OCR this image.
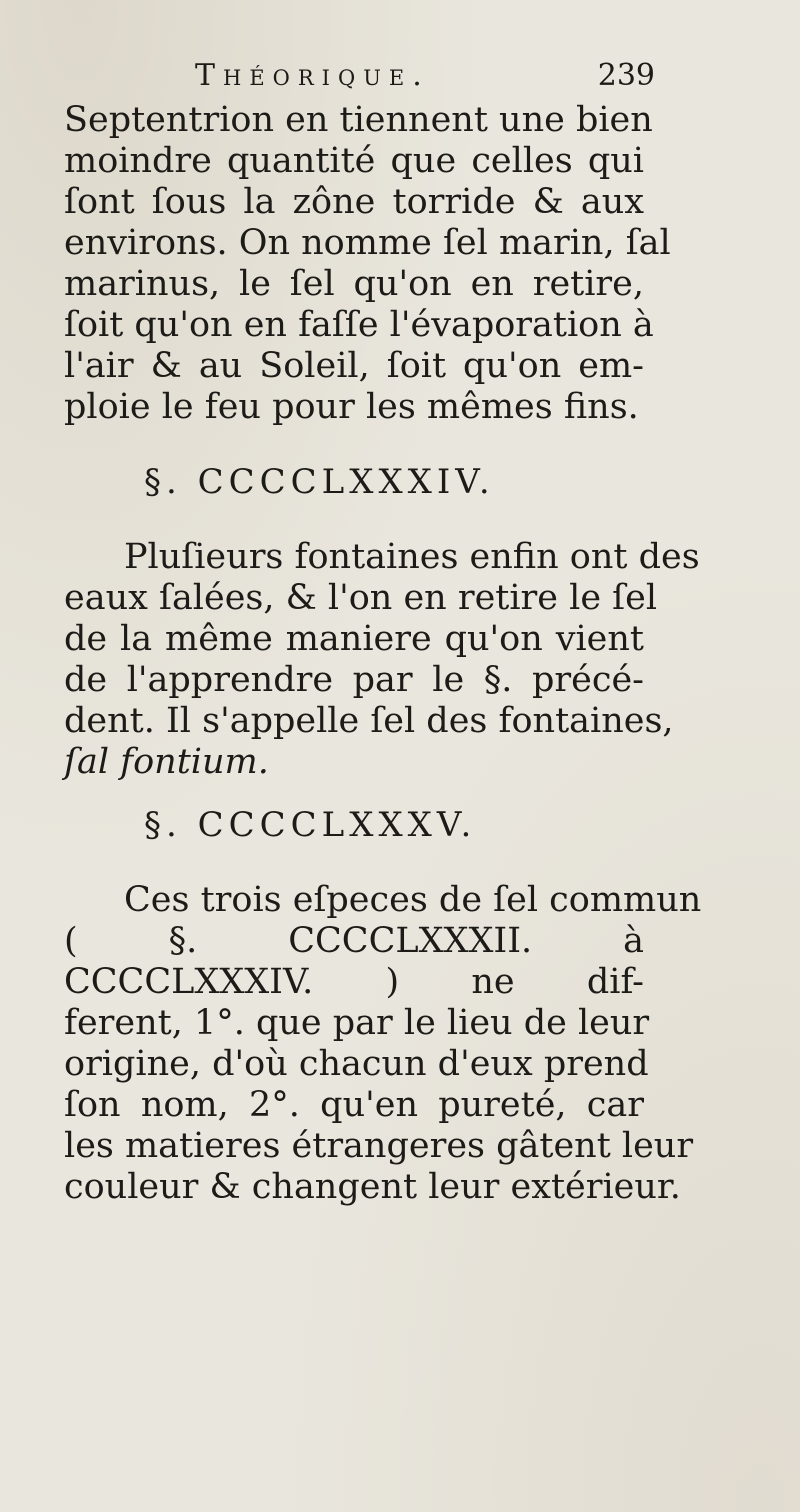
Théorique.	239
Septentrion en tiennent une bien
moindre quantité que celles qui
ſont ſous la zône torride & aux
environs. On nomme ſel marin, ſal
marinus, le ſel qu'on en retire,
ſoit qu'on en faſſe l'évaporation à
l'air & au Soleil, ſoit qu'on em-
ploie le feu pour les mêmes fins.
§. CCCCLXXXIV.
Pluſieurs fontaines enfin ont des
eaux ſalées, & l'on en retire le ſel
de la même maniere qu'on vient
de l'apprendre par le §. précé-
dent. Il s'appelle ſel des fontaines,
ſal fontium.
§. CCCCLXXXV.
Ces trois eſpeces de ſel commun
( §. CCCCLXXXII. à
CCCCLXXXIV. ) ne dif-
ferent, 1°. que par le lieu de leur
origine, d'où chacun d'eux prend
ſon nom, 2°. qu'en pureté, car
les matieres étrangeres gâtent leur
couleur & changent leur extérieur.
